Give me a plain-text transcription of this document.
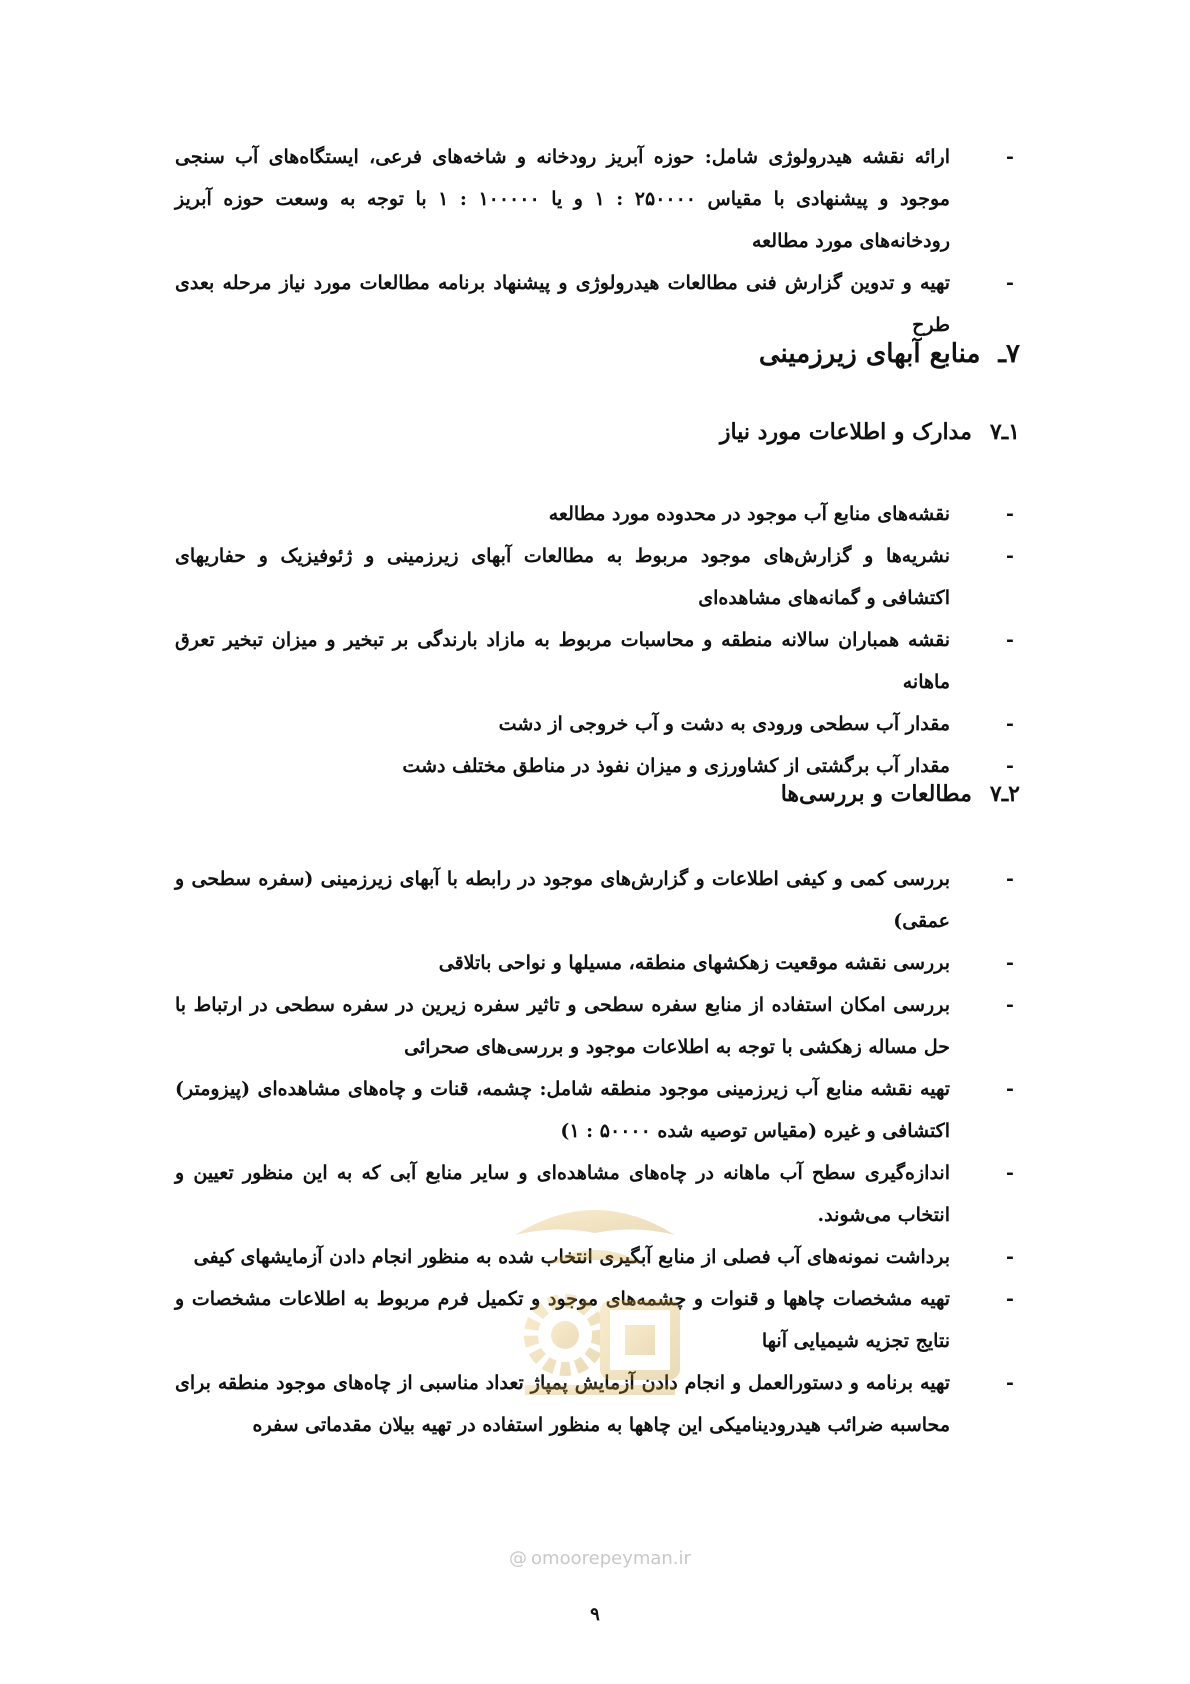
-
ارائه نقشه هیدرولوژی شامل: حوزه آبریز رودخانه و شاخه‌های فرعی، ایستگاه‌های آب سنجی موجود و پیشنهادی با مقیاس ۲۵۰۰۰۰ : ۱ و یا ۱۰۰۰۰۰ : ۱ با توجه به وسعت حوزه آبریز رودخانه‌های مورد مطالعه
-
تهیه و تدوین گزارش فنی مطالعات هیدرولوژی و پیشنهاد برنامه مطالعات مورد نیاز مرحله بعدی طرح
۷ـمنابع آبهای زیرزمینی
۱ـ۷مدارک و اطلاعات مورد نیاز
-
نقشه‌های منابع آب موجود در محدوده مورد مطالعه
-
نشریه‌ها و گزارش‌های موجود مربوط به مطالعات آبهای زیرزمینی و ژئوفیزیک و حفاریهای اکتشافی و گمانه‌های مشاهده‌ای
-
نقشه همباران سالانه منطقه و محاسبات مربوط به مازاد بارندگی بر تبخیر و میزان تبخیر تعرق ماهانه
-
مقدار آب سطحی ورودی به دشت و آب خروجی از دشت
-
مقدار آب برگشتی از کشاورزی و میزان نفوذ در مناطق مختلف دشت
۲ـ۷مطالعات و بررسی‌ها
-
بررسی کمی و کیفی اطلاعات و گزارش‌های موجود در رابطه با آبهای زیرزمینی (سفره سطحی و عمقی)
-
بررسی نقشه موقعیت زهکشهای منطقه، مسیلها و نواحی باتلاقی
-
بررسی امکان استفاده از منابع سفره سطحی و تاثیر سفره زیرین در سفره سطحی در ارتباط با حل مساله زهکشی با توجه به اطلاعات موجود و بررسی‌های صحرائی
-
تهیه نقشه منابع آب زیرزمینی موجود منطقه شامل: چشمه، قنات و چاه‌های مشاهده‌ای (پیزومتر) اکتشافی و غیره (مقیاس توصیه شده ۵۰۰۰۰ : ۱)
-
اندازه‌گیری سطح آب ماهانه در چاه‌های مشاهده‌ای و سایر منابع آبی که به این منظور تعیین و انتخاب می‌شوند.
-
برداشت نمونه‌های آب فصلی از منابع آبگیری انتخاب شده به منظور انجام دادن آزمایشهای کیفی
-
تهیه مشخصات چاهها و قنوات و چشمه‌های موجود و تکمیل فرم مربوط به اطلاعات مشخصات و نتایج تجزیه شیمیایی آنها
-
تهیه برنامه و دستورالعمل و انجام دادن آزمایش پمپاژ تعداد مناسبی از چاه‌های موجود منطقه برای محاسبه ضرائب هیدرودینامیکی این چاهها به منظور استفاده در تهیه بیلان مقدماتی سفره
@ omoorepeyman.ir
۹
